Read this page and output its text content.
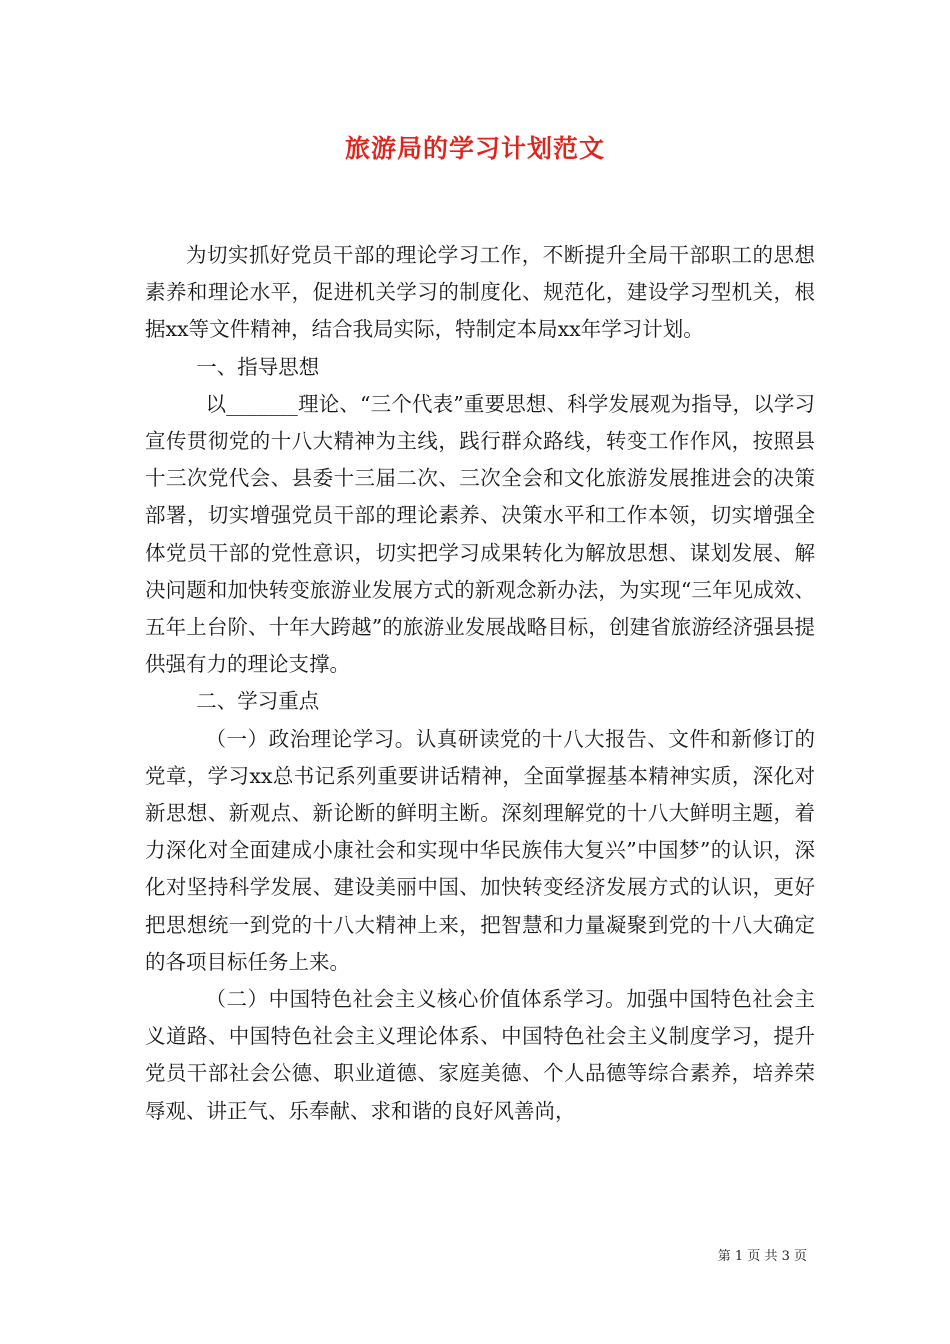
旅游局的学习计划范文

为切实抓好党员干部的理论学习工作，不断提升全局干部职工的思想素养和理论水平，促进机关学习的制度化、规范化，建设学习型机关，根据xx等文件精神，结合我局实际，特制定本局xx年学习计划。

一、指导思想

以_______理论、“三个代表”重要思想、科学发展观为指导，以学习宣传贯彻党的十八大精神为主线，践行群众路线，转变工作作风，按照县十三次党代会、县委十三届二次、三次全会和文化旅游发展推进会的决策部署，切实增强党员干部的理论素养、决策水平和工作本领，切实增强全体党员干部的党性意识，切实把学习成果转化为解放思想、谋划发展、解决问题和加快转变旅游业发展方式的新观念新办法，为实现“三年见成效、五年上台阶、十年大跨越”的旅游业发展战略目标，创建省旅游经济强县提供强有力的理论支撑。

二、学习重点

（一）政治理论学习。认真研读党的十八大报告、文件和新修订的党章，学习xx总书记系列重要讲话精神，全面掌握基本精神实质，深化对新思想、新观点、新论断的鲜明主断。深刻理解党的十八大鲜明主题，着力深化对全面建成小康社会和实现中华民族伟大复兴”中国梦”的认识，深化对坚持科学发展、建设美丽中国、加快转变经济发展方式的认识，更好把思想统一到党的十八大精神上来，把智慧和力量凝聚到党的十八大确定的各项目标任务上来。

（二）中国特色社会主义核心价值体系学习。加强中国特色社会主义道路、中国特色社会主义理论体系、中国特色社会主义制度学习，提升党员干部社会公德、职业道德、家庭美德、个人品德等综合素养，培养荣辱观、讲正气、乐奉献、求和谐的良好风善尚，

第 1 页 共 3 页
